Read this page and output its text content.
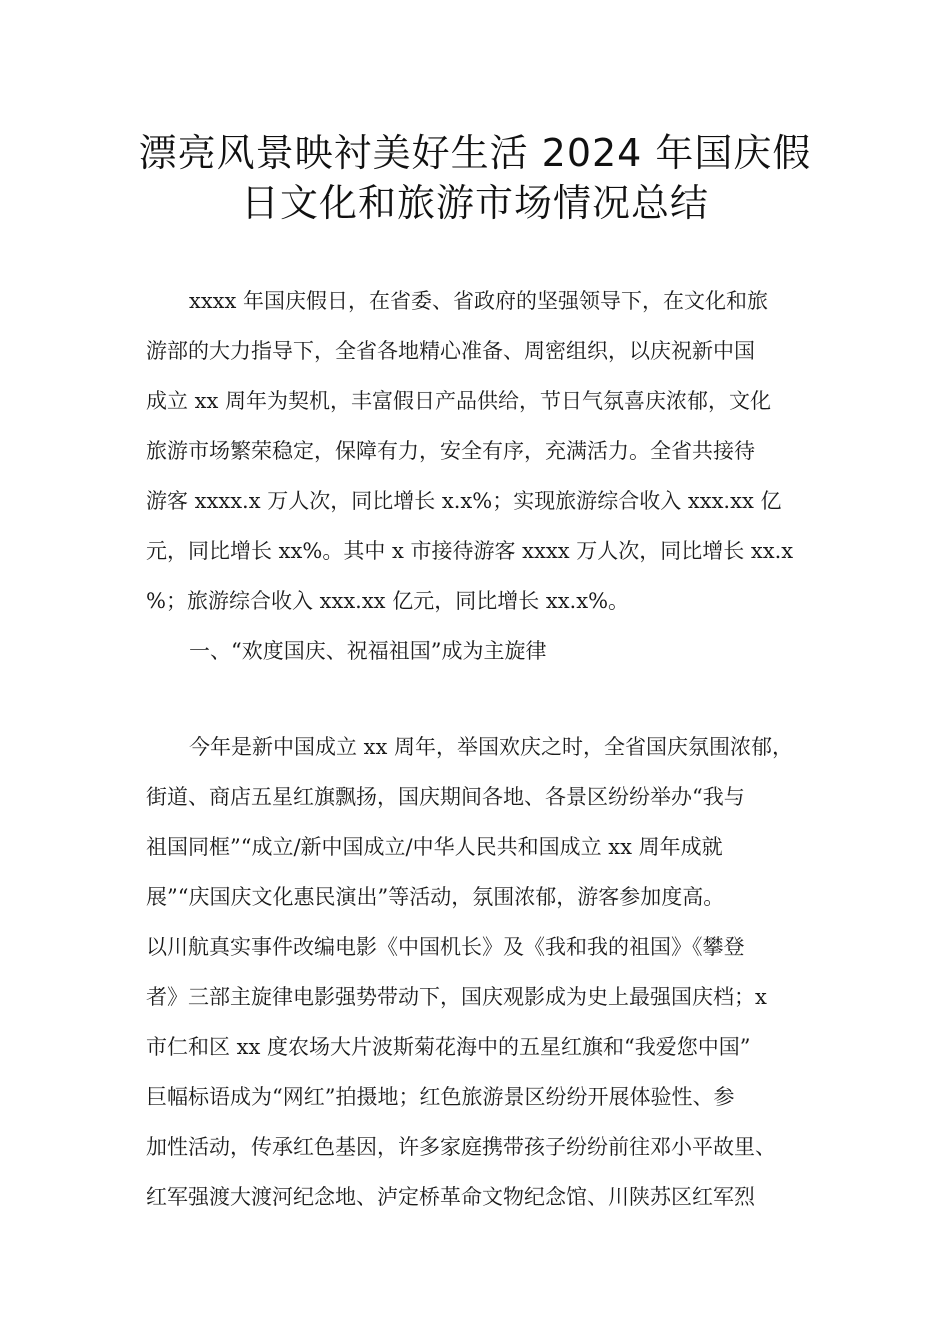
漂亮风景映衬美好生活 2024 年国庆假
日文化和旅游市场情况总结
xxxx 年国庆假日，在省委、省政府的坚强领导下，在文化和旅
游部的大力指导下，全省各地精心准备、周密组织，以庆祝新中国
成立 xx 周年为契机，丰富假日产品供给，节日气氛喜庆浓郁，文化
旅游市场繁荣稳定，保障有力，安全有序，充满活力。全省共接待
游客 xxxx.x 万人次，同比增长 x.x%；实现旅游综合收入 xxx.xx 亿
元，同比增长 xx%。其中 x 市接待游客 xxxx 万人次，同比增长 xx.x
%；旅游综合收入 xxx.xx 亿元，同比增长 xx.x%。
一、“欢度国庆、祝福祖国”成为主旋律
今年是新中国成立 xx 周年，举国欢庆之时，全省国庆氛围浓郁，
街道、商店五星红旗飘扬，国庆期间各地、各景区纷纷举办“我与
祖国同框”“成立/新中国成立/中华人民共和国成立 xx 周年成就
展”“庆国庆文化惠民演出”等活动，氛围浓郁，游客参加度高。
以川航真实事件改编电影《中国机长》及《我和我的祖国》《攀登
者》三部主旋律电影强势带动下，国庆观影成为史上最强国庆档；x
市仁和区 xx 度农场大片波斯菊花海中的五星红旗和“我爱您中国”
巨幅标语成为“网红”拍摄地；红色旅游景区纷纷开展体验性、参
加性活动，传承红色基因，许多家庭携带孩子纷纷前往邓小平故里、
红军强渡大渡河纪念地、泸定桥革命文物纪念馆、川陕苏区红军烈
